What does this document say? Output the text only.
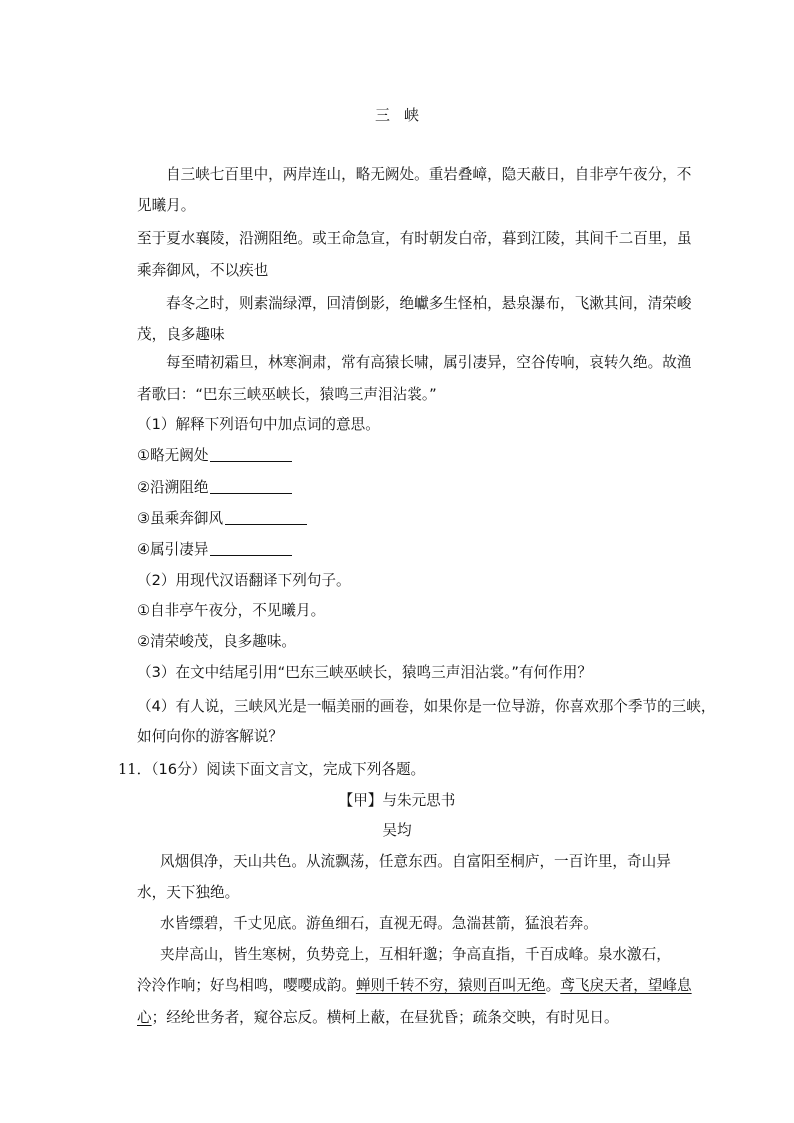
三 峡
自三峡七百里中，两岸连山，略无阙处。重岩叠嶂，隐天蔽日，自非亭午夜分，不
见曦月。
至于夏水襄陵，沿溯阻绝。或王命急宣，有时朝发白帝，暮到江陵，其间千二百里，虽
乘奔御风，不以疾也
春冬之时，则素湍绿潭，回清倒影，绝巘多生怪柏，悬泉瀑布，飞漱其间，清荣峻
茂，良多趣味
每至晴初霜旦，林寒涧肃，常有高猿长啸，属引凄异，空谷传响，哀转久绝。故渔
者歌曰：“巴东三峡巫峡长，猿鸣三声泪沾裳。”
（1）解释下列语句中加点词的意思。
①略无阙处
②沿溯阻绝
③虽乘奔御风
④属引凄异
（2）用现代汉语翻译下列句子。
①自非亭午夜分，不见曦月。
②清荣峻茂，良多趣味。
（3）在文中结尾引用“巴东三峡巫峡长，猿鸣三声泪沾裳。”有何作用？
（4）有人说，三峡风光是一幅美丽的画卷，如果你是一位导游，你喜欢那个季节的三峡，
如何向你的游客解说？
11．（16分）阅读下面文言文，完成下列各题。
【甲】与朱元思书
吴均
风烟俱净，天山共色。从流飘荡，任意东西。自富阳至桐庐，一百许里，奇山异
水，天下独绝。
水皆缥碧，千丈见底。游鱼细石，直视无碍。急湍甚箭，猛浪若奔。
夹岸高山，皆生寒树，负势竞上，互相轩邈；争高直指，千百成峰。泉水激石，
泠泠作响；好鸟相鸣，嘤嘤成韵。蝉则千转不穷，猿则百叫无绝。鸢飞戾天者，望峰息
心；经纶世务者，窥谷忘反。横柯上蔽，在昼犹昏；疏条交映，有时见日。
